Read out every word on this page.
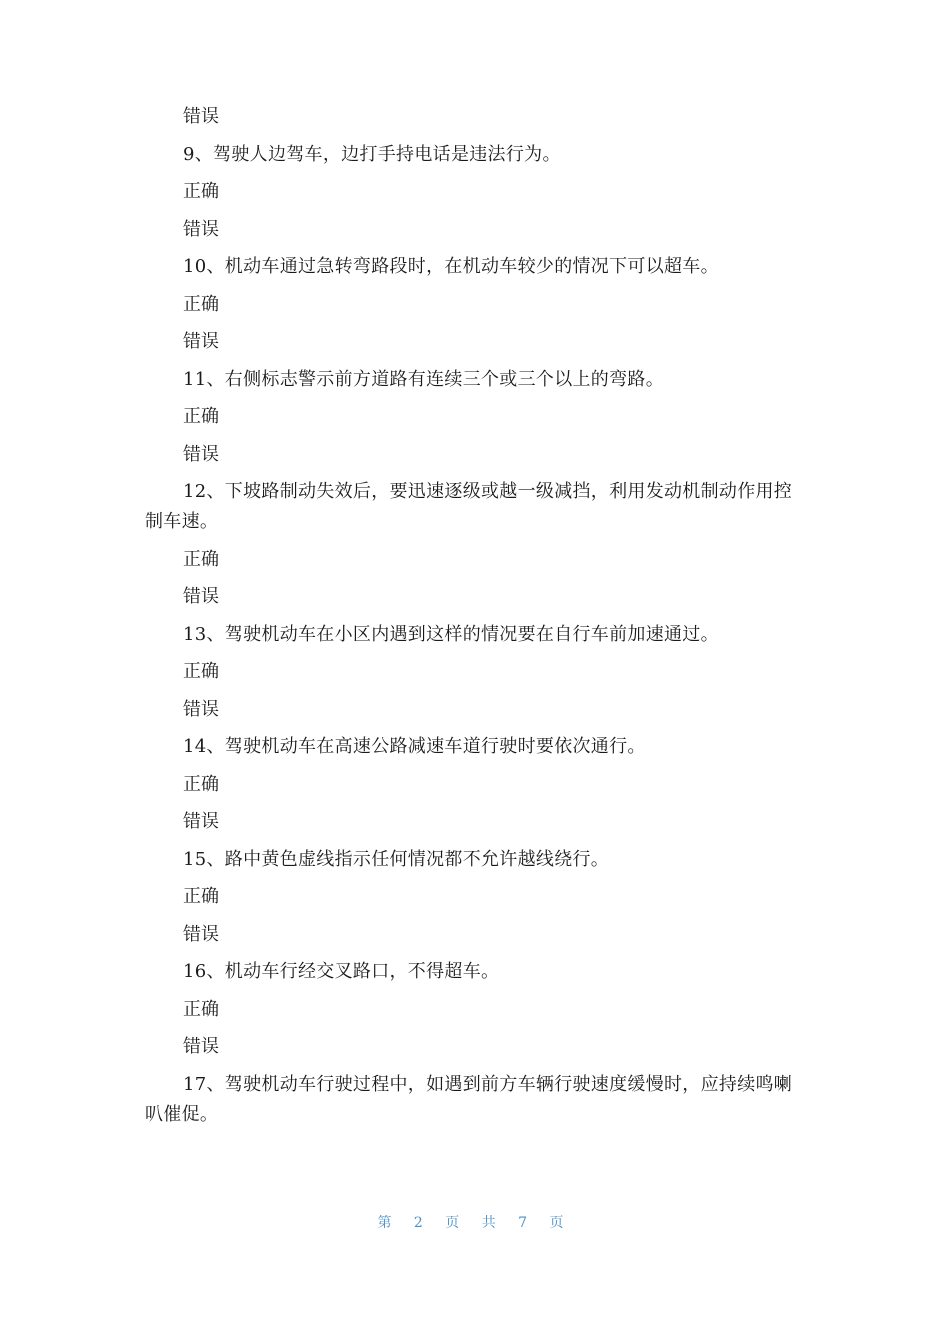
错误

9、驾驶人边驾车，边打手持电话是违法行为。

正确

错误

10、机动车通过急转弯路段时，在机动车较少的情况下可以超车。

正确

错误

11、右侧标志警示前方道路有连续三个或三个以上的弯路。

正确

错误

12、下坡路制动失效后，要迅速逐级或越一级减挡，利用发动机制动作用控制车速。

正确

错误

13、驾驶机动车在小区内遇到这样的情况要在自行车前加速通过。

正确

错误

14、驾驶机动车在高速公路减速车道行驶时要依次通行。

正确

错误

15、路中黄色虚线指示任何情况都不允许越线绕行。

正确

错误

16、机动车行经交叉路口，不得超车。

正确

错误

17、驾驶机动车行驶过程中，如遇到前方车辆行驶速度缓慢时，应持续鸣喇叭催促。

第 2 页 共 7 页
